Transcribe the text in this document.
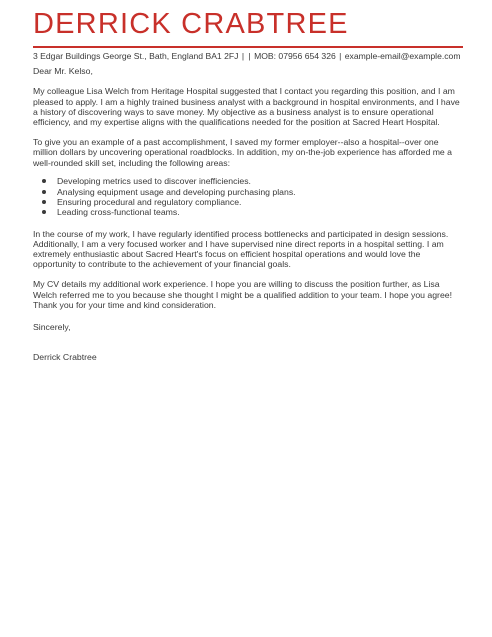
DERRICK CRABTREE
3 Edgar Buildings George St., Bath, England BA1 2FJ | | MOB: 07956 654 326 | example-email@example.com

Dear Mr. Kelso,

My colleague Lisa Welch from Heritage Hospital suggested that I contact you regarding this position, and I am pleased to apply. I am a highly trained business analyst with a background in hospital environments, and I have a history of discovering ways to save money. My objective as a business analyst is to ensure operational efficiency, and my expertise aligns with the qualifications needed for the position at Sacred Heart Hospital.

To give you an example of a past accomplishment, I saved my former employer--also a hospital--over one million dollars by uncovering operational roadblocks. In addition, my on-the-job experience has afforded me a well-rounded skill set, including the following areas:

Developing metrics used to discover inefficiencies.
Analysing equipment usage and developing purchasing plans.
Ensuring procedural and regulatory compliance.
Leading cross-functional teams.

In the course of my work, I have regularly identified process bottlenecks and participated in design sessions. Additionally, I am a very focused worker and I have supervised nine direct reports in a hospital setting. I am extremely enthusiastic about Sacred Heart's focus on efficient hospital operations and would love the opportunity to contribute to the achievement of your financial goals.

My CV details my additional work experience. I hope you are willing to discuss the position further, as Lisa Welch referred me to you because she thought I might be a qualified addition to your team. I hope you agree! Thank you for your time and kind consideration.

Sincerely,

Derrick Crabtree
